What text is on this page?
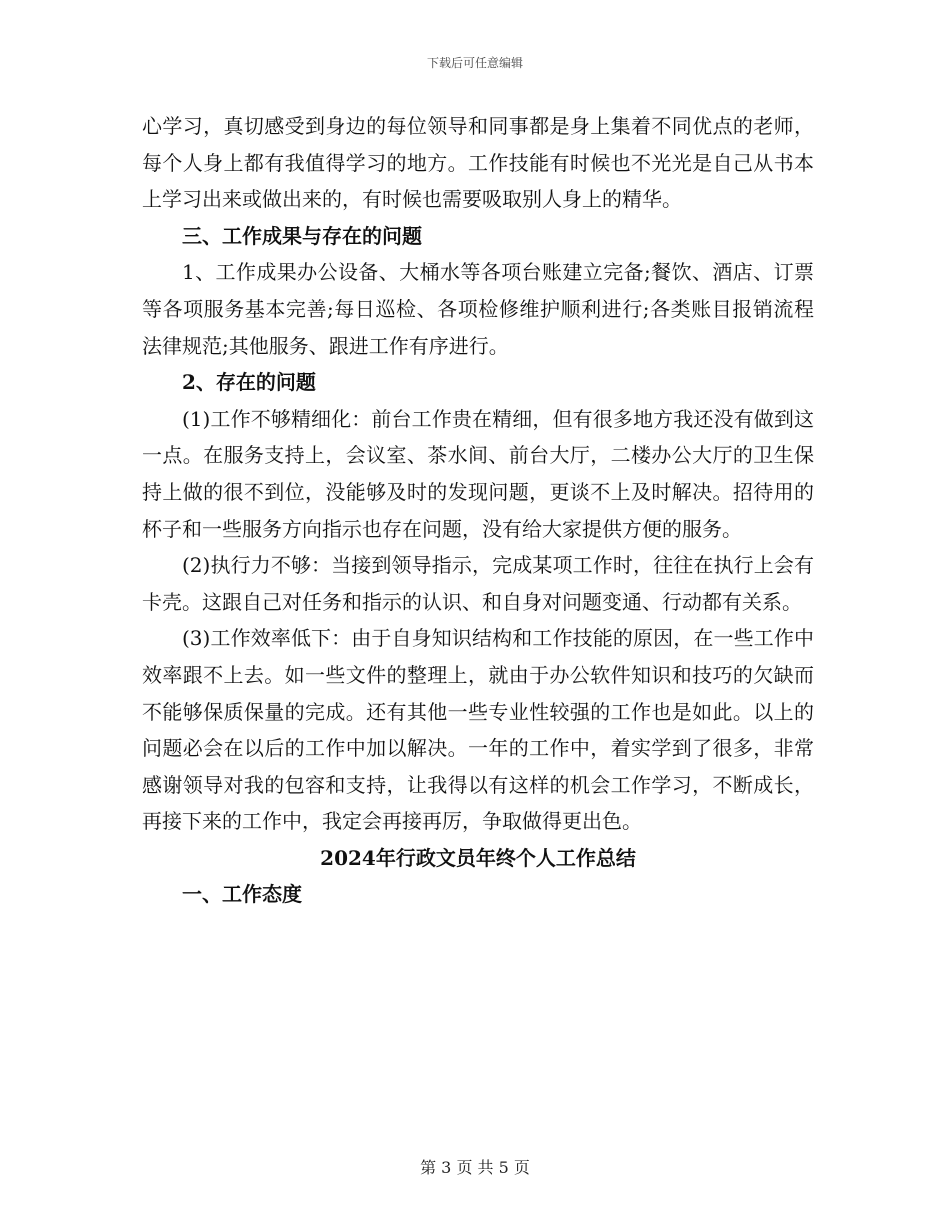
下载后可任意编辑

心学习，真切感受到身边的每位领导和同事都是身上集着不同优点的老师，每个人身上都有我值得学习的地方。工作技能有时候也不光光是自己从书本上学习出来或做出来的，有时候也需要吸取别人身上的精华。

三、工作成果与存在的问题

1、工作成果办公设备、大桶水等各项台账建立完备;餐饮、酒店、订票等各项服务基本完善;每日巡检、各项检修维护顺利进行;各类账目报销流程法律规范;其他服务、跟进工作有序进行。

2、存在的问题

(1)工作不够精细化：前台工作贵在精细，但有很多地方我还没有做到这一点。在服务支持上，会议室、茶水间、前台大厅，二楼办公大厅的卫生保持上做的很不到位，没能够及时的发现问题，更谈不上及时解决。招待用的杯子和一些服务方向指示也存在问题，没有给大家提供方便的服务。

(2)执行力不够：当接到领导指示，完成某项工作时，往往在执行上会有卡壳。这跟自己对任务和指示的认识、和自身对问题变通、行动都有关系。

(3)工作效率低下：由于自身知识结构和工作技能的原因，在一些工作中效率跟不上去。如一些文件的整理上，就由于办公软件知识和技巧的欠缺而不能够保质保量的完成。还有其他一些专业性较强的工作也是如此。以上的问题必会在以后的工作中加以解决。一年的工作中，着实学到了很多，非常感谢领导对我的包容和支持，让我得以有这样的机会工作学习，不断成长，再接下来的工作中，我定会再接再厉，争取做得更出色。

2024年行政文员年终个人工作总结

一、工作态度

第 3 页 共 5 页
